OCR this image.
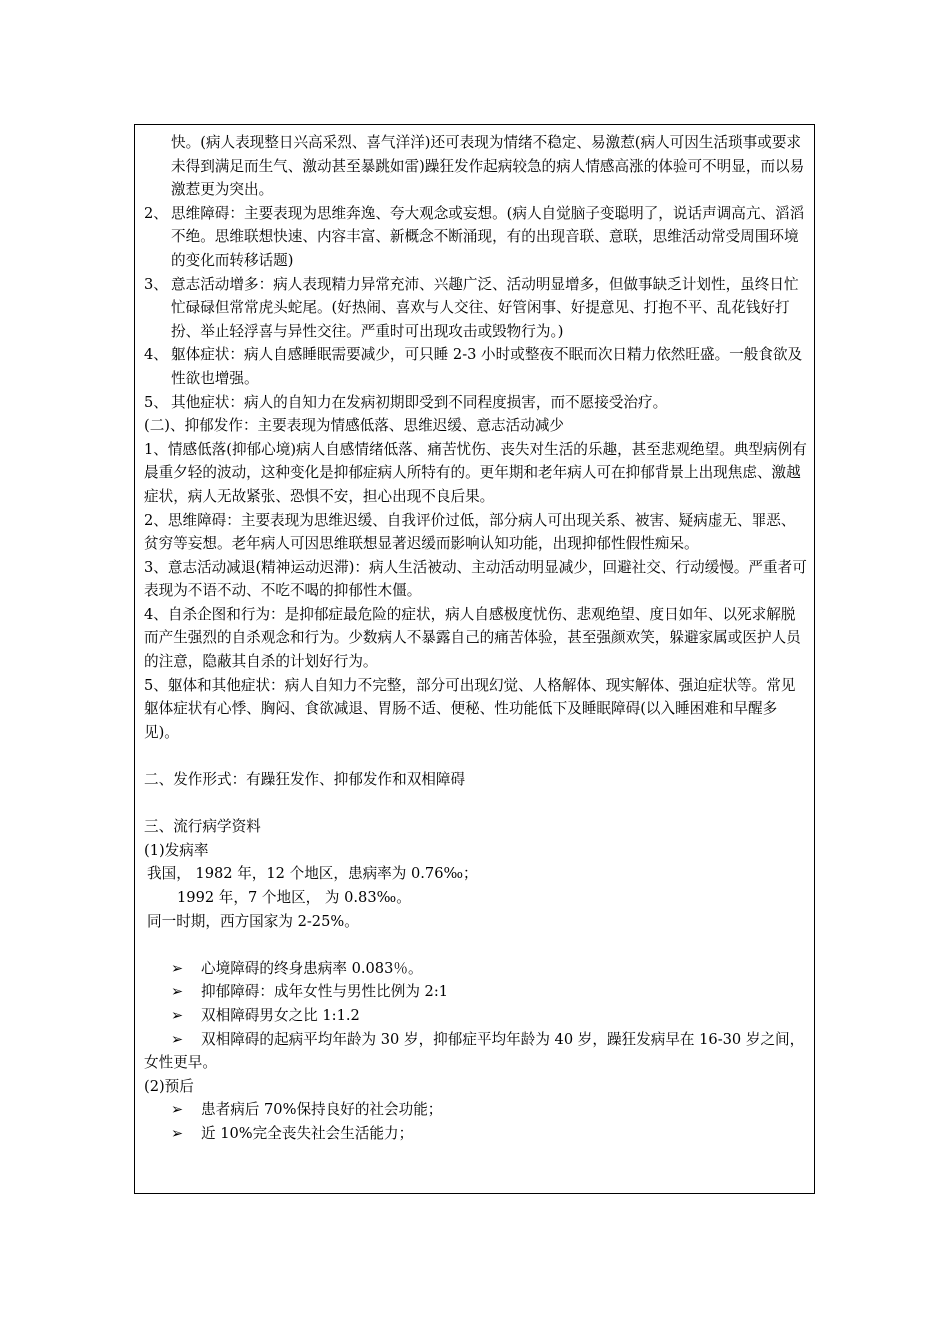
快。(病人表现整日兴高采烈、喜气洋洋)还可表现为情绪不稳定、易激惹(病人可因生活琐事或要求未得到满足而生气、激动甚至暴跳如雷)躁狂发作起病较急的病人情感高涨的体验可不明显，而以易激惹更为突出。

2、 思维障碍：主要表现为思维奔逸、夸大观念或妄想。(病人自觉脑子变聪明了，说话声调高亢、滔滔不绝。思维联想快速、内容丰富、新概念不断涌现，有的出现音联、意联，思维活动常受周围环境的变化而转移话题)

3、 意志活动增多：病人表现精力异常充沛、兴趣广泛、活动明显增多，但做事缺乏计划性，虽终日忙忙碌碌但常常虎头蛇尾。(好热闹、喜欢与人交往、好管闲事、好提意见、打抱不平、乱花钱好打扮、举止轻浮喜与异性交往。严重时可出现攻击或毁物行为。)

4、 躯体症状：病人自感睡眠需要减少，可只睡 2-3 小时或整夜不眠而次日精力依然旺盛。一般食欲及性欲也增强。

5、 其他症状：病人的自知力在发病初期即受到不同程度损害，而不愿接受治疗。

(二)、抑郁发作：主要表现为情感低落、思维迟缓、意志活动减少

1、情感低落(抑郁心境)病人自感情绪低落、痛苦忧伤、丧失对生活的乐趣，甚至悲观绝望。典型病例有晨重夕轻的波动，这种变化是抑郁症病人所特有的。更年期和老年病人可在抑郁背景上出现焦虑、激越症状，病人无故紧张、恐惧不安，担心出现不良后果。

2、思维障碍：主要表现为思维迟缓、自我评价过低，部分病人可出现关系、被害、疑病虚无、罪恶、贫穷等妄想。老年病人可因思维联想显著迟缓而影响认知功能，出现抑郁性假性痴呆。

3、意志活动减退(精神运动迟滞)：病人生活被动、主动活动明显减少，回避社交、行动缓慢。严重者可表现为不语不动、不吃不喝的抑郁性木僵。

4、自杀企图和行为：是抑郁症最危险的症状，病人自感极度忧伤、悲观绝望、度日如年、以死求解脱而产生强烈的自杀观念和行为。少数病人不暴露自己的痛苦体验，甚至强颜欢笑，躲避家属或医护人员的注意，隐蔽其自杀的计划好行为。

5、躯体和其他症状：病人自知力不完整，部分可出现幻觉、人格解体、现实解体、强迫症状等。常见躯体症状有心悸、胸闷、食欲减退、胃肠不适、便秘、性功能低下及睡眠障碍(以入睡困难和早醒多见)。

二、发作形式：有躁狂发作、抑郁发作和双相障碍

三、流行病学资料

(1)发病率

我国， 1982 年，12 个地区，患病率为 0.76‰；

1992 年，7 个地区， 为 0.83‰。

同一时期，西方国家为 2-25%。

➢ 心境障碍的终身患病率 0.083％。

➢ 抑郁障碍：成年女性与男性比例为 2:1

➢ 双相障碍男女之比 1:1.2

➢ 双相障碍的起病平均年龄为 30 岁，抑郁症平均年龄为 40 岁，躁狂发病早在 16-30 岁之间，女性更早。

(2)预后

➢ 患者病后 70%保持良好的社会功能；

➢ 近 10%完全丧失社会生活能力；
